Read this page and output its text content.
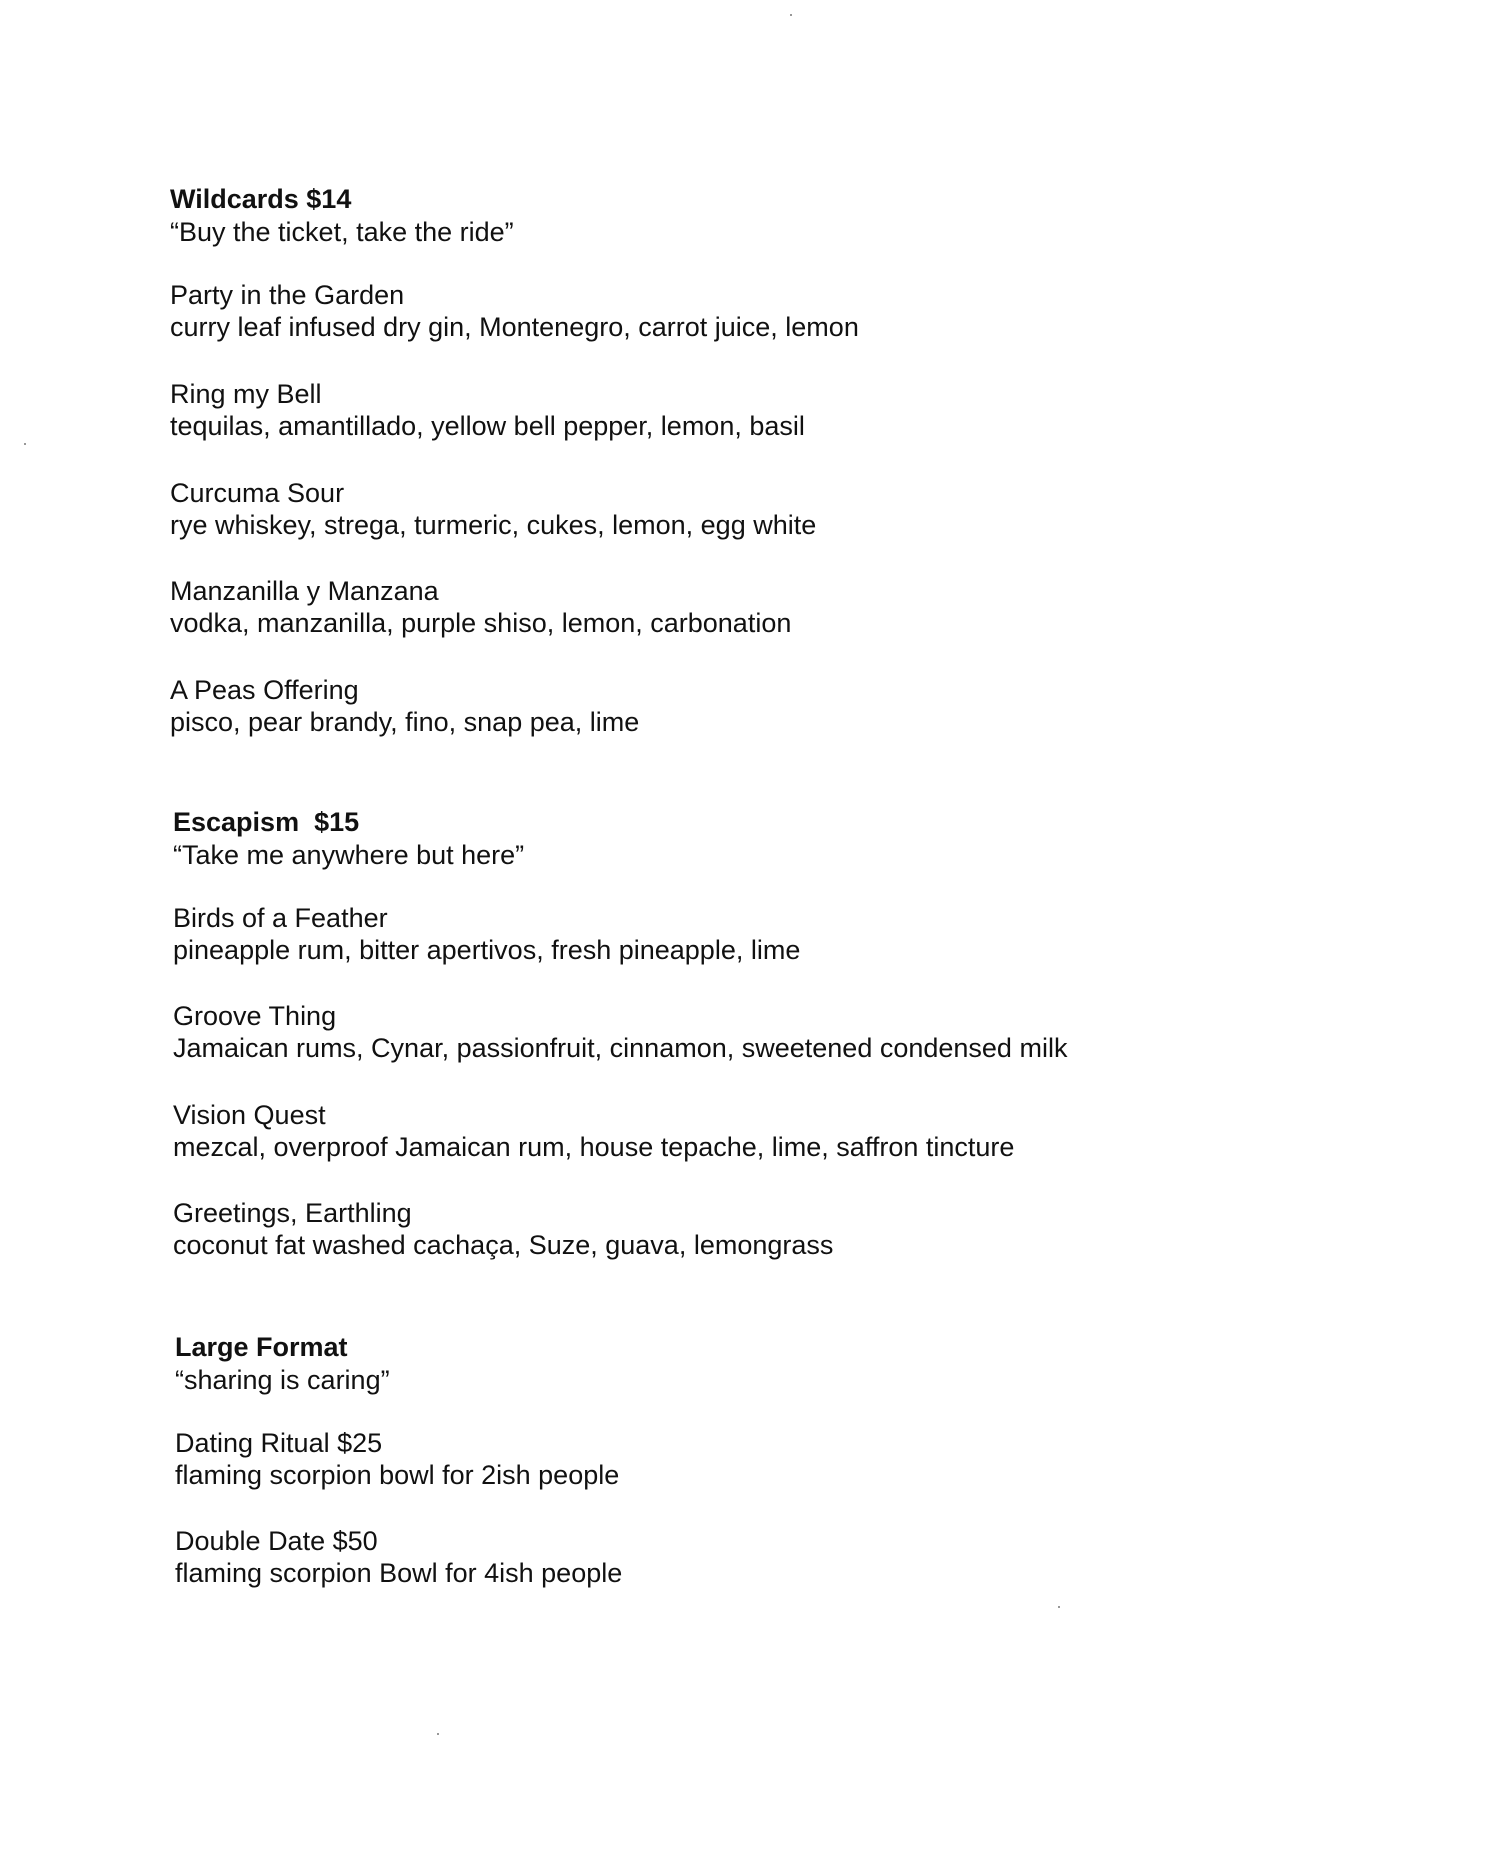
Wildcards $14

“Buy the ticket, take the ride”

Party in the Garden

curry leaf infused dry gin, Montenegro, carrot juice, lemon

Ring my Bell

tequilas, amantillado, yellow bell pepper, lemon, basil

Curcuma Sour

rye whiskey, strega, turmeric, cukes, lemon, egg white

Manzanilla y Manzana

vodka, manzanilla, purple shiso, lemon, carbonation

A Peas Offering

pisco, pear brandy, fino, snap pea, lime

Escapism  $15

“Take me anywhere but here”

Birds of a Feather

pineapple rum, bitter apertivos, fresh pineapple, lime

Groove Thing

Jamaican rums, Cynar, passionfruit, cinnamon, sweetened condensed milk

Vision Quest

mezcal, overproof Jamaican rum, house tepache, lime, saffron tincture

Greetings, Earthling

coconut fat washed cachaça, Suze, guava, lemongrass

Large Format

“sharing is caring”

Dating Ritual $25

flaming scorpion bowl for 2ish people

Double Date $50

flaming scorpion Bowl for 4ish people
